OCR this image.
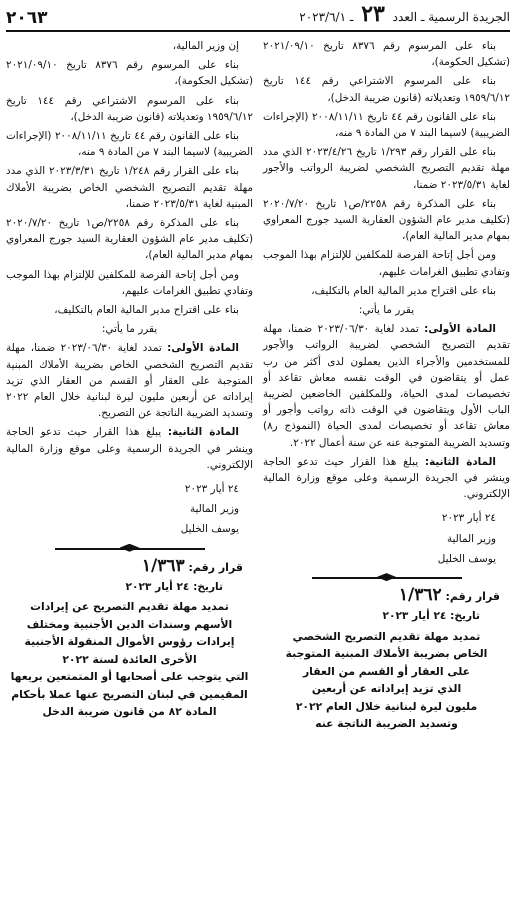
الجريدة الرسمية ـ العدد ٢٣ ـ ٢٠٢٣/٦/١
٢٠٦٣

بناء على المرسوم رقم ٨٣٧٦ تاريخ ٢٠٢١/٠٩/١٠ (تشكيل الحكومة)،

بناء على المرسوم الاشتراعي رقم ١٤٤ تاريخ ١٩٥٩/٦/١٢ وتعديلاته (قانون ضريبة الدخل)،

بناء على القانون رقم ٤٤ تاريخ ٢٠٠٨/١١/١١ (الإجراءات الضريبية) لاسيما البند ٧ من المادة ٩ منه،

بناء على القرار رقم ١/٢٩٣ تاريخ ٢٠٢٣/٤/٢٦ الذي مدد مهلة تقديم التصريح الشخصي لضريبة الرواتب والأجور لغاية ٢٠٢٣/٥/٣١ ضمنا،

بناء على المذكرة رقم ٢٢٥٨/ص١ تاريخ ٢٠٢٠/٧/٢٠ (تكليف مدير عام الشؤون العقارية السيد جورج المعراوي بمهام مدير المالية العام)،

ومن أجل إتاحة الفرصة للمكلفين للإلتزام بهذا الموجب وتفادي تطبيق الغرامات عليهم،

بناء على اقتراح مدير المالية العام بالتكليف،

يقرر ما يأتي:

المادة الأولى: تمدد لغاية ٢٠٢٣/٠٦/٣٠ ضمنا، مهلة تقديم التصريح الشخصي لضريبة الرواتب والأجور للمستخدمين والأجراء الذين يعملون لدى أكثر من رب عمل أو يتقاضون في الوقت نفسه معاش تقاعد أو تخصيصات لمدى الحياة، وللمكلفين الخاضعين لضريبة الباب الأول ويتقاضون في الوقت ذاته رواتب وأجور أو معاش تقاعد أو تخصيصات لمدى الحياة (النموذج ر٨) وتسديد الضريبة المتوجبة عنه عن سنة أعمال ٢٠٢٢.

المادة الثانية: يبلغ هذا القرار حيث تدعو الحاجة وينشر في الجريدة الرسمية وعلى موقع وزارة المالية الإلكتروني.

٢٤ أيار ٢٠٢٣

وزير المالية

يوسف الخليل

قرار رقم: ١/٣٦٢

تاريخ: ٢٤ أيار ٢٠٢٣

تمديد مهلة تقديم التصريح الشخصي

الخاص بضريبة الأملاك المبنية المتوجبة

على العقار أو القسم من العقار

الذي تزيد إيراداته عن أربعين

مليون ليرة لبنانية خلال العام ٢٠٢٢

وتسديد الضريبة الناتجة عنه

إن وزير المالية،

بناء على المرسوم رقم ٨٣٧٦ تاريخ ٢٠٢١/٠٩/١٠ (تشكيل الحكومة)،

بناء على المرسوم الاشتراعي رقم ١٤٤ تاريخ ١٩٥٩/٦/١٢ وتعديلاته (قانون ضريبة الدخل)،

بناء على القانون رقم ٤٤ تاريخ ٢٠٠٨/١١/١١ (الإجراءات الضريبية) لاسيما البند ٧ من المادة ٩ منه،

بناء على القرار رقم ١/٢٤٨ تاريخ ٢٠٢٣/٣/٣١ الذي مدد مهلة تقديم التصريح الشخصي الخاص بضريبة الأملاك المبنية لغاية ٢٠٢٣/٥/٣١ ضمنا،

بناء على المذكرة رقم ٢٢٥٨/ص١ تاريخ ٢٠٢٠/٧/٢٠ (تكليف مدير عام الشؤون العقارية السيد جورج المعراوي بمهام مدير المالية العام)،

ومن أجل إتاحة الفرصة للمكلفين للإلتزام بهذا الموجب وتفادي تطبيق الغرامات عليهم،

بناء على اقتراح مدير المالية العام بالتكليف،

يقرر ما يأتي:

المادة الأولى: تمدد لغاية ٢٠٢٣/٠٦/٣٠ ضمنا، مهلة تقديم التصريح الشخصي الخاص بضريبة الأملاك المبنية المتوجبة على العقار أو القسم من العقار الذي تزيد إيراداته عن أربعين مليون ليرة لبنانية خلال العام ٢٠٢٢ وتسديد الضريبة الناتجة عن التصريح.

المادة الثانية: يبلغ هذا القرار حيث تدعو الحاجة وينشر في الجريدة الرسمية وعلى موقع وزارة المالية الإلكتروني.

٢٤ أيار ٢٠٢٣

وزير المالية

يوسف الخليل

قرار رقم: ١/٣٦٣

تاريخ: ٢٤ أيار ٢٠٢٣

تمديد مهلة تقديم التصريح عن إيرادات

الأسهم وسندات الدين الأجنبية ومختلف

إيرادات رؤوس الأموال المنقولة الأجنبية

الأخرى العائدة لسنة ٢٠٢٢

التي يتوجب على أصحابها أو المتمتعين بريعها

المقيمين في لبنان التصريح عنها عملا بأحكام

المادة ٨٢ من قانون ضريبة الدخل
